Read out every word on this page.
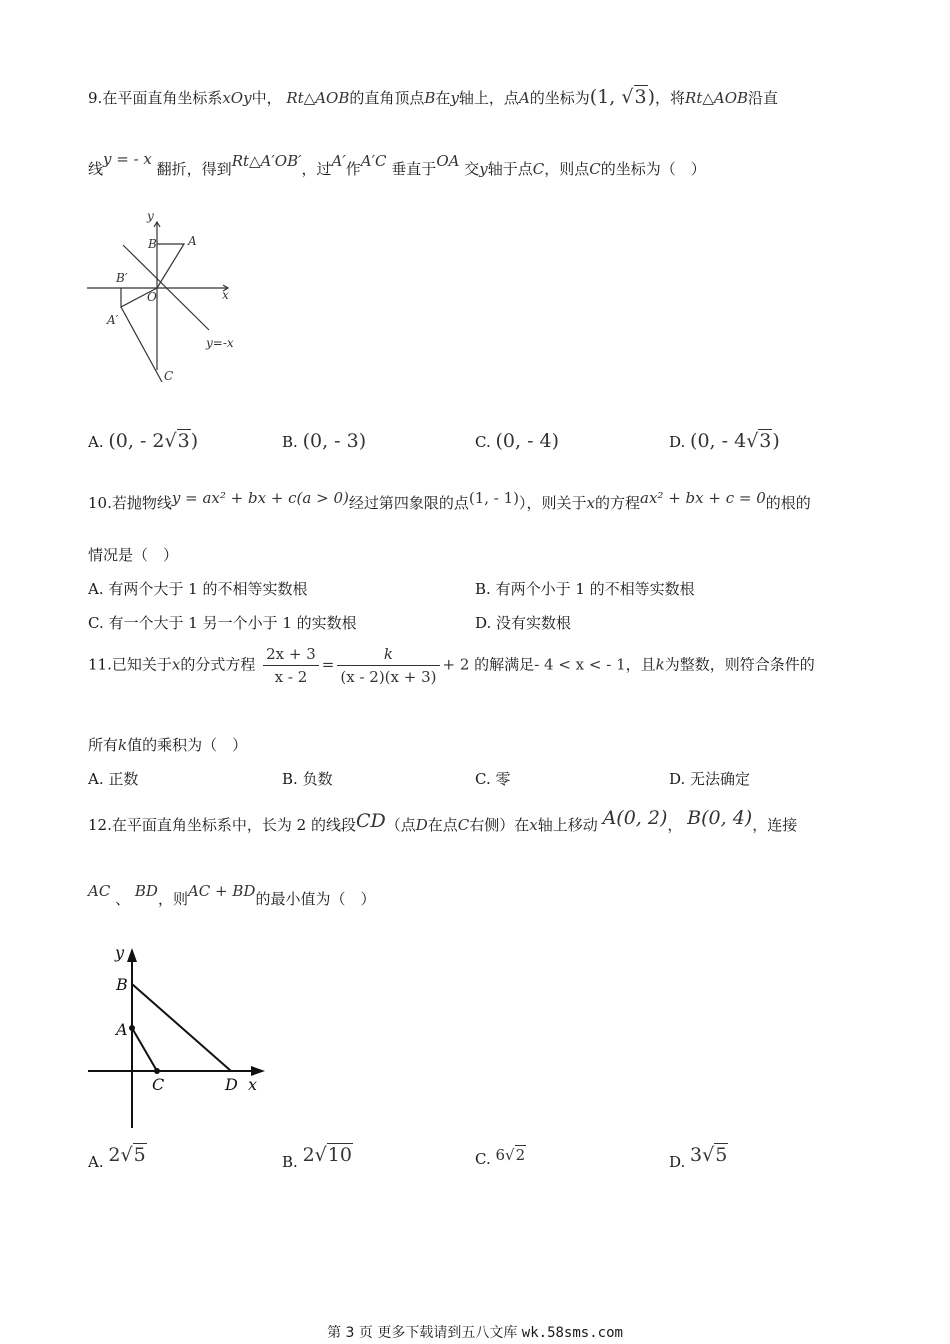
9.在平面直角坐标系xOy中， Rt△AOB的直角顶点B在y轴上，点A的坐标为(1, √3)，将Rt△AOB沿直
线y = - x 翻折，得到Rt△A′OB′，过A′作A′C 垂直于OA 交y轴于点C，则点C的坐标为（　）
y
x
B	A
B′
O
A′
y=-x
C
A. (0, - 2√3)	B. (0, - 3)	C. (0, - 4)	D. (0, - 4√3)
10.若抛物线y = ax² + bx + c(a > 0)经过第四象限的点(1, - 1)），则关于x的方程ax² + bx + c = 0的根的
情况是（　）
A. 有两个大于 1 的不相等实数根	B. 有两个小于 1 的不相等实数根
C. 有一个大于 1 另一个小于 1 的实数根	D. 没有实数根
11.已知关于x的分式方程 $\frac{2x + 3}{x - 2} = \frac{k}{(x - 2)(x + 3)} + 2$ 的解满足- 4 < x < - 1，且k为整数，则符合条件的
所有k值的乘积为（　）
A. 正数	B. 负数	C. 零	D. 无法确定
12.在平面直角坐标系中，长为 2 的线段CD（点D在点C右侧）在x轴上移动 A(0, 2)， B(0, 4)，连接
AC 、 BD，则AC + BD的最小值为（　）
y
B
A
C	D x
A. 2√5	B. 2√10	C. 6√2	D. 3√5
第 3 页 更多下载请到五八文库 wk.58sms.com
